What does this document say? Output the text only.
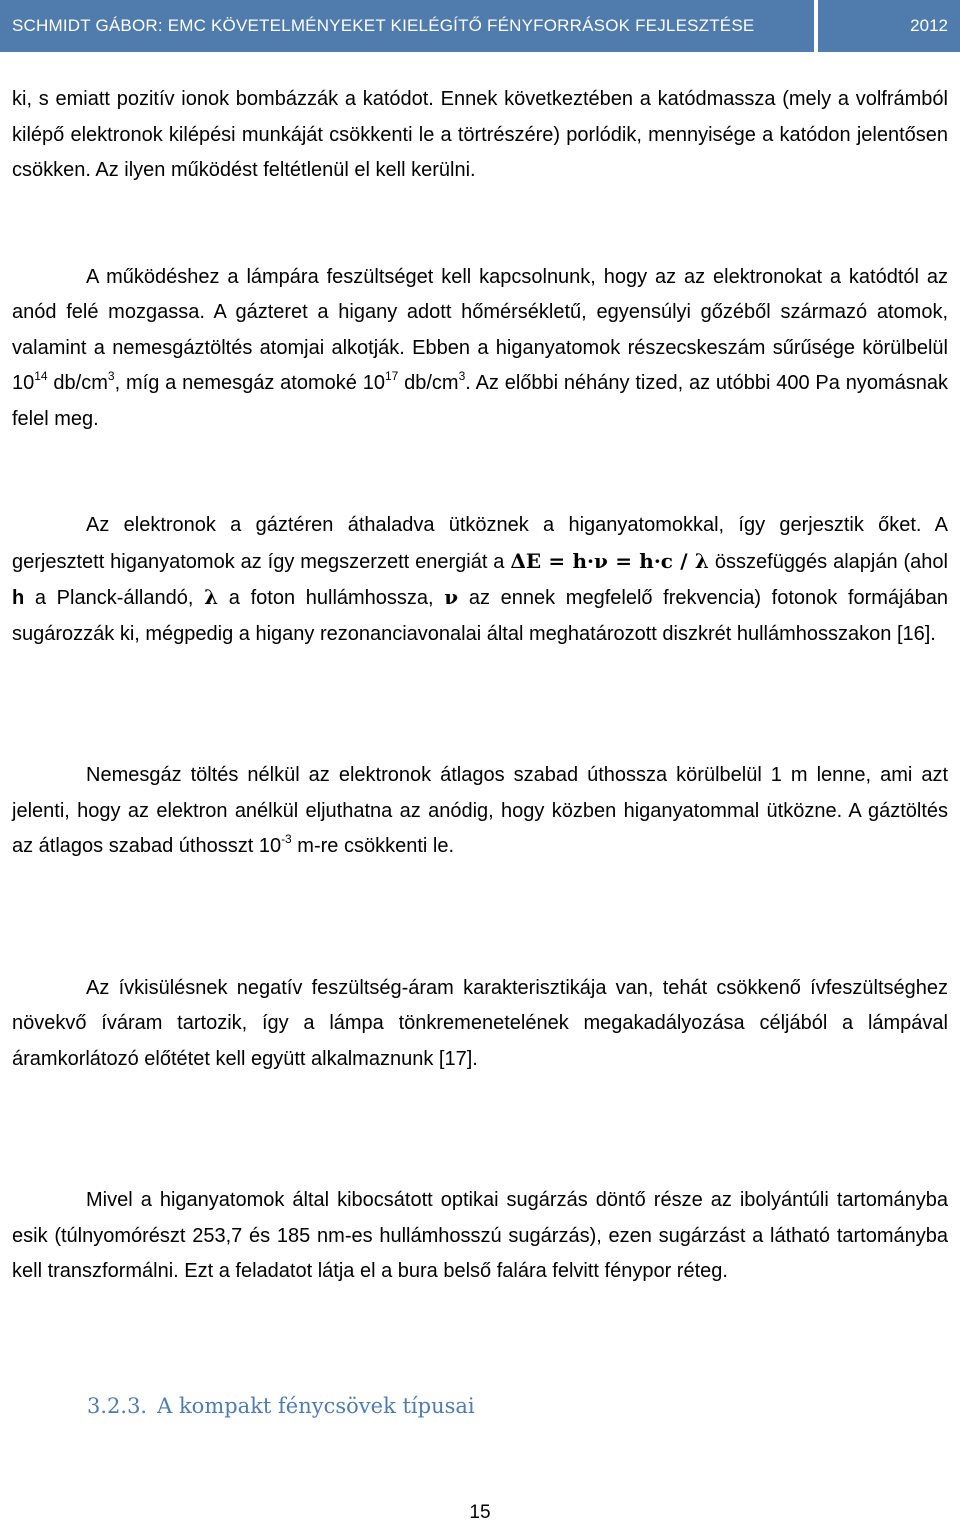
SCHMIDT GÁBOR: EMC KÖVETELMÉNYEKET KIELÉGÍTŐ FÉNYFORRÁSOK FEJLESZTÉSE	2012

ki, s emiatt pozitív ionok bombázzák a katódot. Ennek következtében a katódmassza (mely a volfrámból kilépő elektronok kilépési munkáját csökkenti le a törtrészére) porlódik, mennyisége a katódon jelentősen csökken. Az ilyen működést feltétlenül el kell kerülni.

A működéshez a lámpára feszültséget kell kapcsolnunk, hogy az az elektronokat a katódtól az anód felé mozgassa. A gázteret a higany adott hőmérsékletű, egyensúlyi gőzéből származó atomok, valamint a nemesgáztöltés atomjai alkotják. Ebben a higanyatomok részecskeszám sűrűsége körülbelül $10^{14}$ $db/cm^3$, míg a nemesgáz atomoké $10^{17}$ $db/cm^3$. Az előbbi néhány tized, az utóbbi 400 Pa nyomásnak felel meg.

Az elektronok a gáztéren áthaladva ütköznek a higanyatomokkal, így gerjesztik őket. A gerjesztett higanyatomok az így megszerzett energiát a ΔE = h·ν = h·c / λ összefüggés alapján (ahol h a Planck-állandó, λ a foton hullámhossza, ν az ennek megfelelő frekvencia) fotonok formájában sugározzák ki, mégpedig a higany rezonanciavonalai által meghatározott diszkrét hullámhosszakon [16].

Nemesgáz töltés nélkül az elektronok átlagos szabad úthossza körülbelül 1 m lenne, ami azt jelenti, hogy az elektron anélkül eljuthatna az anódig, hogy közben higanyatommal ütközne. A gáztöltés az átlagos szabad úthosszt $10^{-3}$ m-re csökkenti le.

Az ívkisülésnek negatív feszültség-áram karakterisztikája van, tehát csökkenő ívfeszültséghez növekvő íváram tartozik, így a lámpa tönkremenetelének megakadályozása céljából a lámpával áramkorlátozó előtétet kell együtt alkalmaznunk [17].

Mivel a higanyatomok által kibocsátott optikai sugárzás döntő része az ibolyántúli tartományba esik (túlnyomórészt 253,7 és 185 nm-es hullámhosszú sugárzás), ezen sugárzást a látható tartományba kell transzformálni. Ezt a feladatot látja el a bura belső falára felvitt fénypor réteg.

3.2.3. A kompakt fénycsövek típusai
15
